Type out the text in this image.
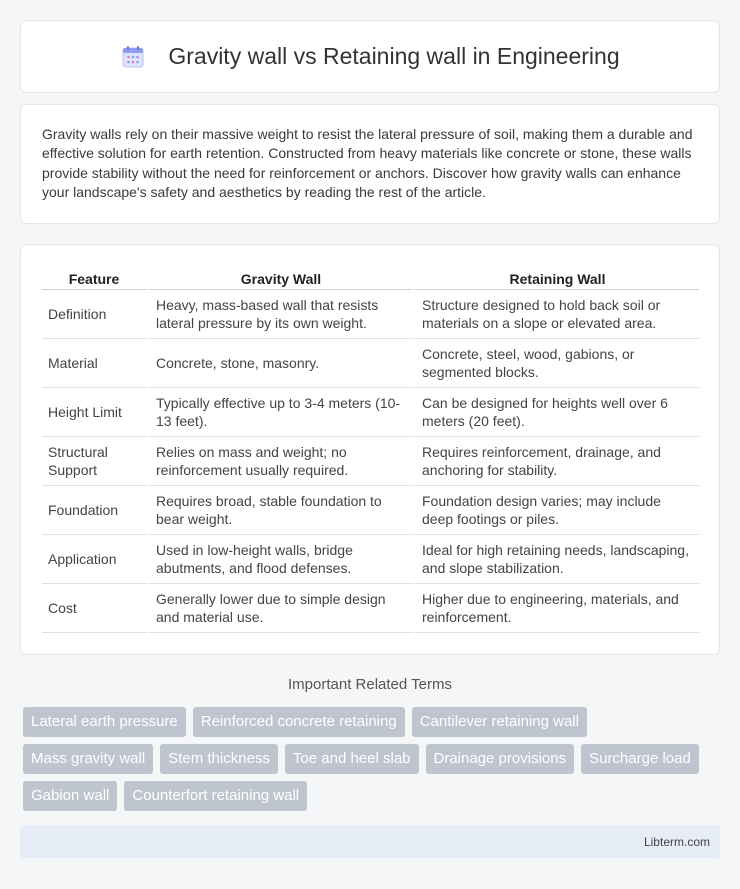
Gravity wall vs Retaining wall in Engineering

Gravity walls rely on their massive weight to resist the lateral pressure of soil, making them a durable and effective solution for earth retention. Constructed from heavy materials like concrete or stone, these walls provide stability without the need for reinforcement or anchors. Discover how gravity walls can enhance your landscape's safety and aesthetics by reading the rest of the article.

Feature	Gravity Wall	Retaining Wall
Definition	Heavy, mass-based wall that resists lateral pressure by its own weight.	Structure designed to hold back soil or materials on a slope or elevated area.
Material	Concrete, stone, masonry.	Concrete, steel, wood, gabions, or segmented blocks.
Height Limit	Typically effective up to 3-4 meters (10-13 feet).	Can be designed for heights well over 6 meters (20 feet).
Structural Support	Relies on mass and weight; no reinforcement usually required.	Requires reinforcement, drainage, and anchoring for stability.
Foundation	Requires broad, stable foundation to bear weight.	Foundation design varies; may include deep footings or piles.
Application	Used in low-height walls, bridge abutments, and flood defenses.	Ideal for high retaining needs, landscaping, and slope stabilization.
Cost	Generally lower due to simple design and material use.	Higher due to engineering, materials, and reinforcement.
Important Related Terms
Lateral earth pressure	Reinforced concrete retaining	Cantilever retaining wall
Mass gravity wall	Stem thickness	Toe and heel slab	Drainage provisions	Surcharge load
Gabion wall	Counterfort retaining wall
Libterm.com
